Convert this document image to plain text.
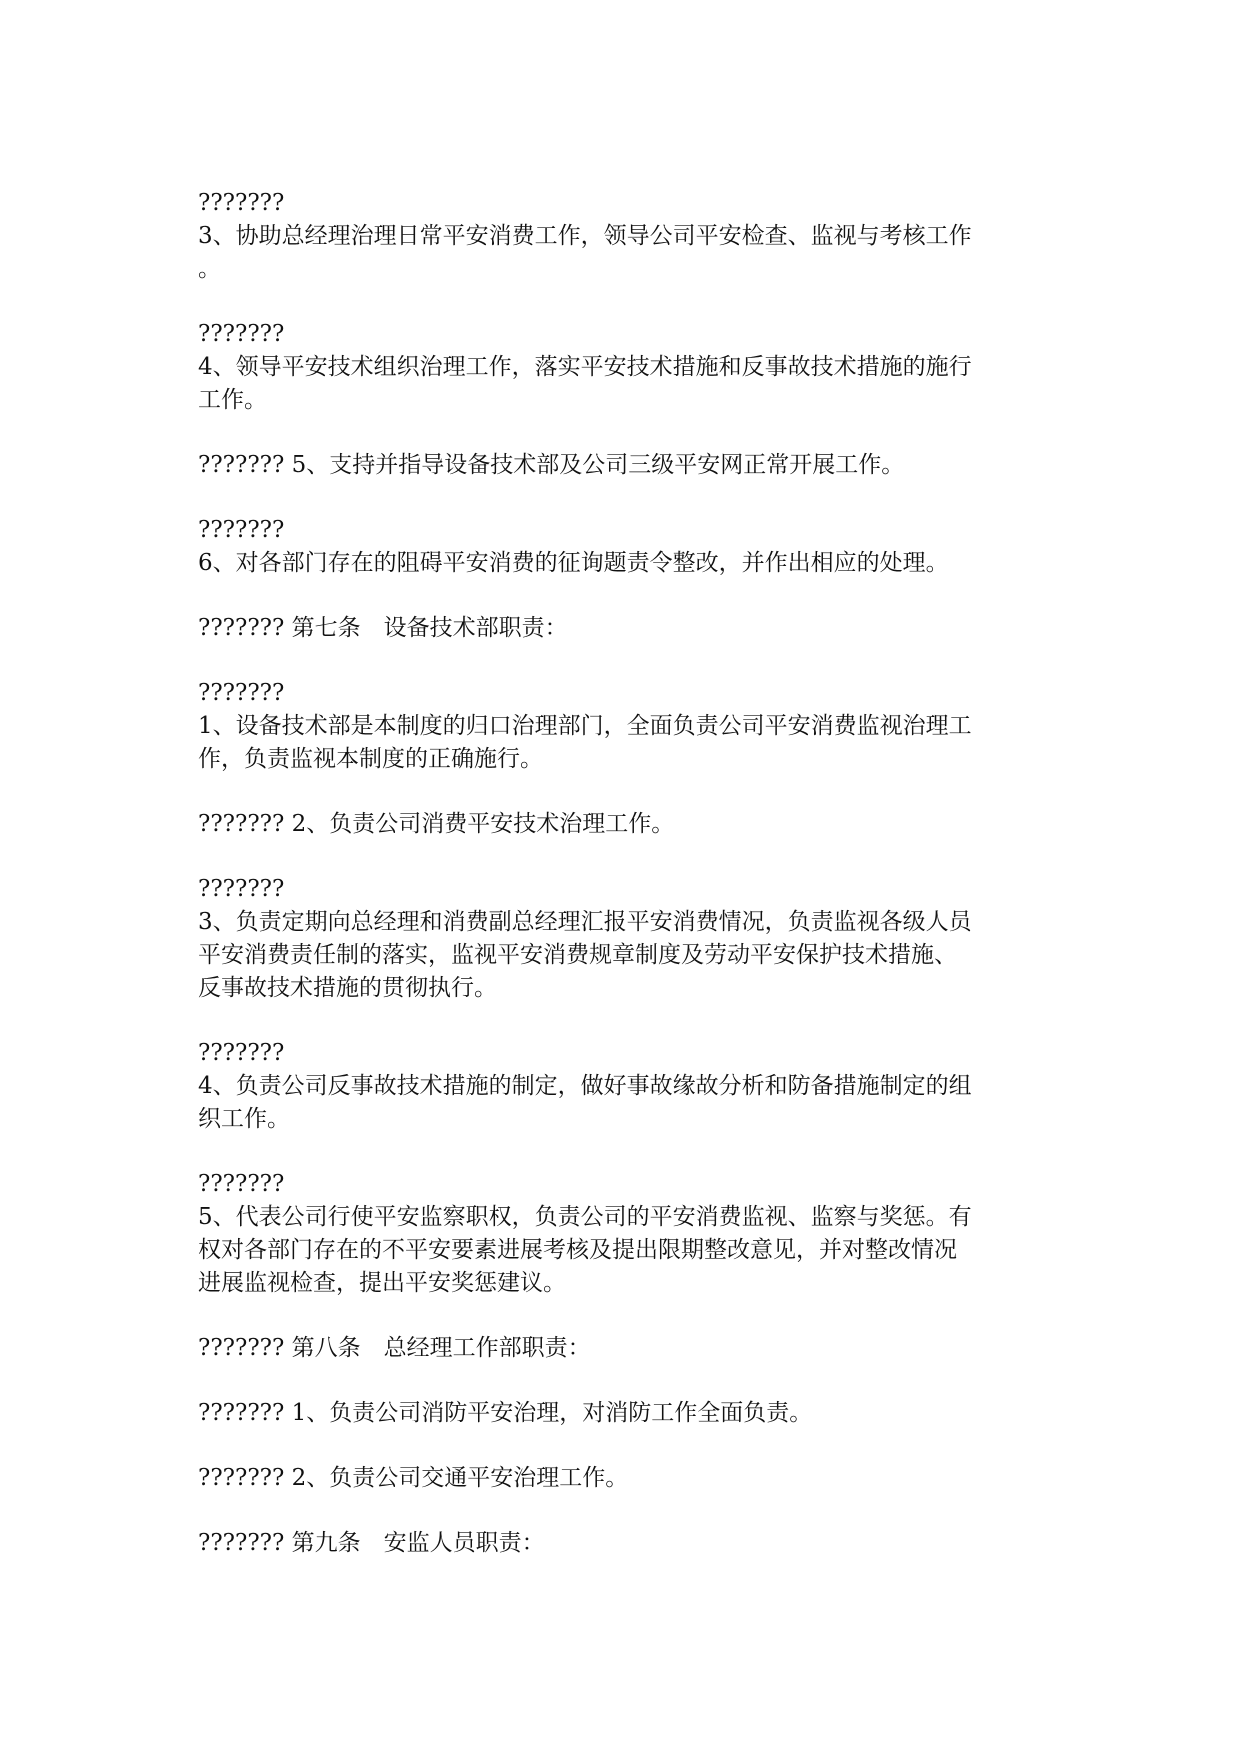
???????
3、协助总经理治理日常平安消费工作，领导公司平安检查、监视与考核工作
。

???????
4、领导平安技术组织治理工作，落实平安技术措施和反事故技术措施的施行
工作。

??????? 5、支持并指导设备技术部及公司三级平安网正常开展工作。

???????
6、对各部门存在的阻碍平安消费的征询题责令整改，并作出相应的处理。

??????? 第七条　设备技术部职责：

???????
1、设备技术部是本制度的归口治理部门，全面负责公司平安消费监视治理工
作，负责监视本制度的正确施行。

??????? 2、负责公司消费平安技术治理工作。

???????
3、负责定期向总经理和消费副总经理汇报平安消费情况，负责监视各级人员
平安消费责任制的落实，监视平安消费规章制度及劳动平安保护技术措施、
反事故技术措施的贯彻执行。

???????
4、负责公司反事故技术措施的制定，做好事故缘故分析和防备措施制定的组
织工作。

???????
5、代表公司行使平安监察职权，负责公司的平安消费监视、监察与奖惩。有
权对各部门存在的不平安要素进展考核及提出限期整改意见，并对整改情况
进展监视检查，提出平安奖惩建议。

??????? 第八条　总经理工作部职责：

??????? 1、负责公司消防平安治理，对消防工作全面负责。

??????? 2、负责公司交通平安治理工作。

??????? 第九条　安监人员职责：
